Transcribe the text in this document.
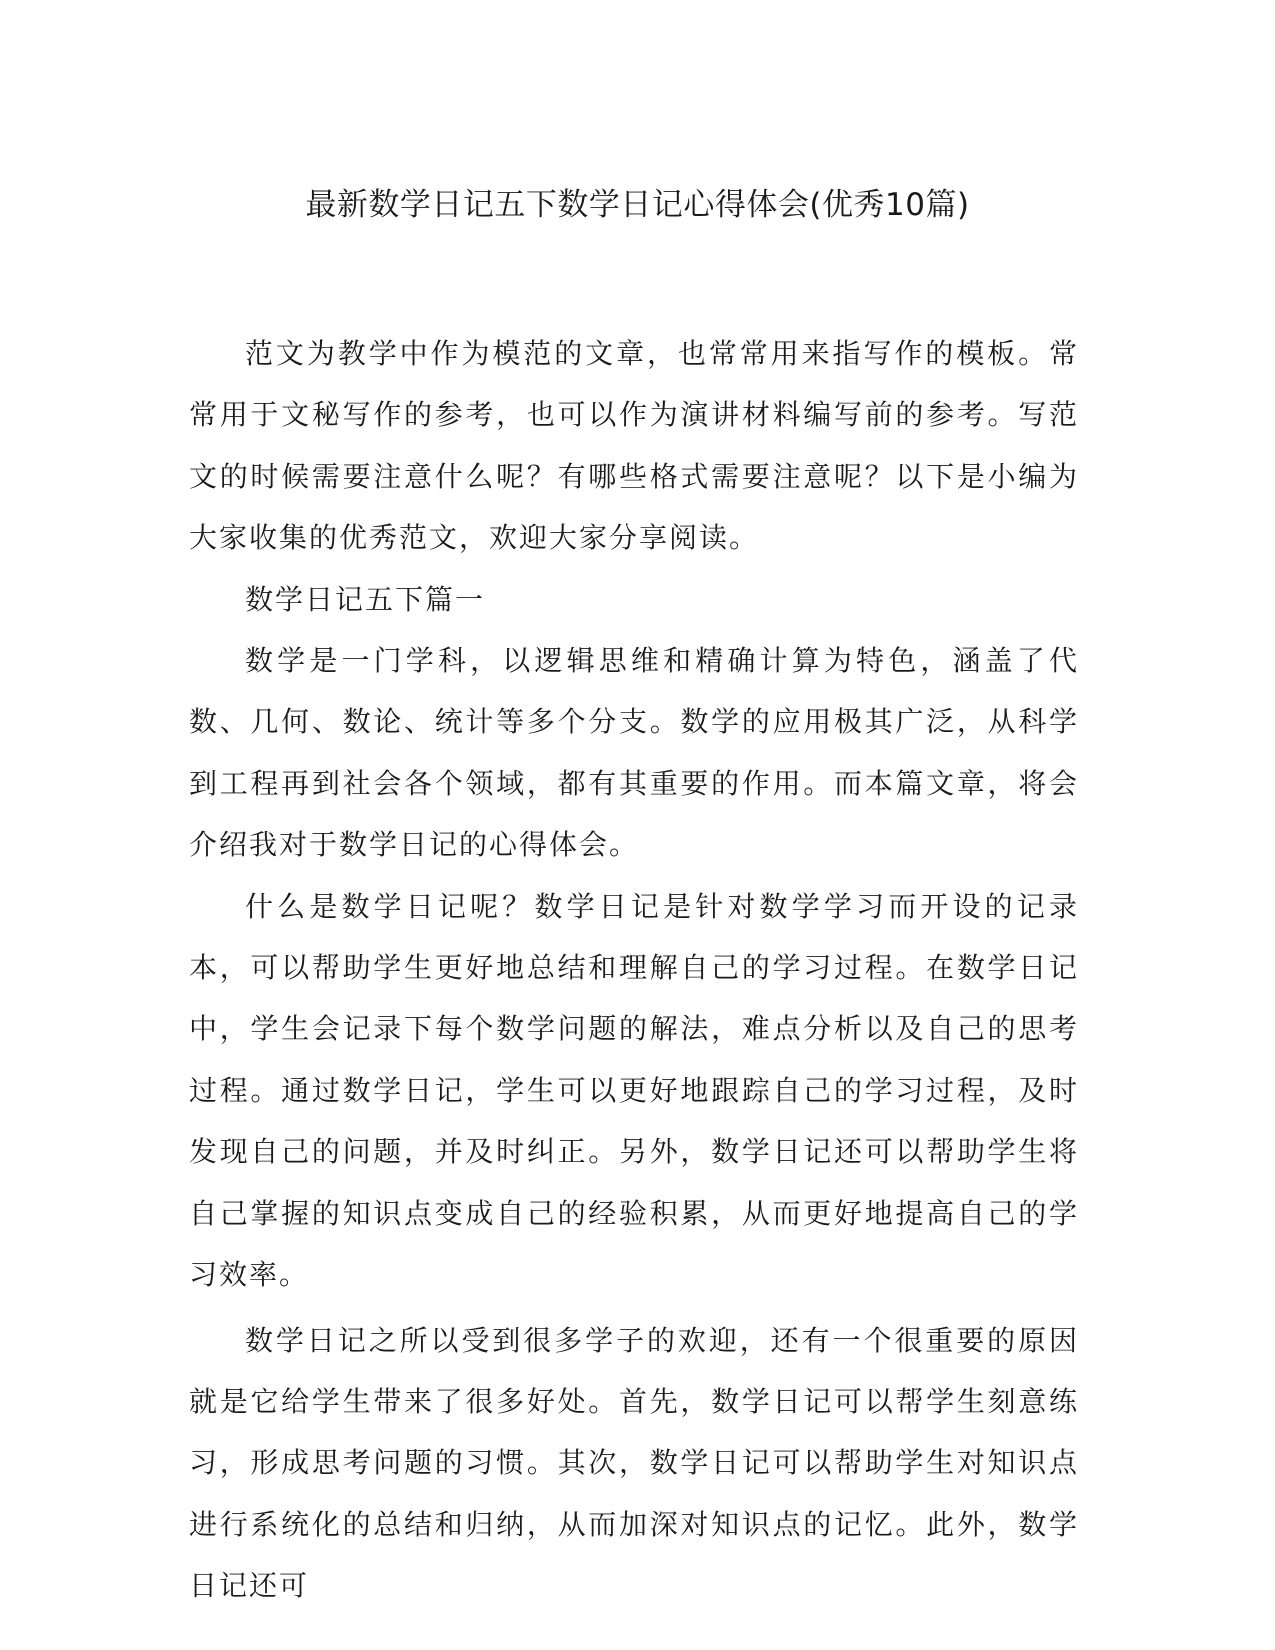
最新数学日记五下数学日记心得体会(优秀10篇)

范文为教学中作为模范的文章，也常常用来指写作的模板。常常用于文秘写作的参考，也可以作为演讲材料编写前的参考。写范文的时候需要注意什么呢？有哪些格式需要注意呢？以下是小编为大家收集的优秀范文，欢迎大家分享阅读。

数学日记五下篇一

数学是一门学科，以逻辑思维和精确计算为特色，涵盖了代数、几何、数论、统计等多个分支。数学的应用极其广泛，从科学到工程再到社会各个领域，都有其重要的作用。而本篇文章，将会介绍我对于数学日记的心得体会。

什么是数学日记呢？数学日记是针对数学学习而开设的记录本，可以帮助学生更好地总结和理解自己的学习过程。在数学日记中，学生会记录下每个数学问题的解法，难点分析以及自己的思考过程。通过数学日记，学生可以更好地跟踪自己的学习过程，及时发现自己的问题，并及时纠正。另外，数学日记还可以帮助学生将自己掌握的知识点变成自己的经验积累，从而更好地提高自己的学习效率。

数学日记之所以受到很多学子的欢迎，还有一个很重要的原因就是它给学生带来了很多好处。首先，数学日记可以帮学生刻意练习，形成思考问题的习惯。其次，数学日记可以帮助学生对知识点进行系统化的总结和归纳，从而加深对知识点的记忆。此外，数学日记还可
